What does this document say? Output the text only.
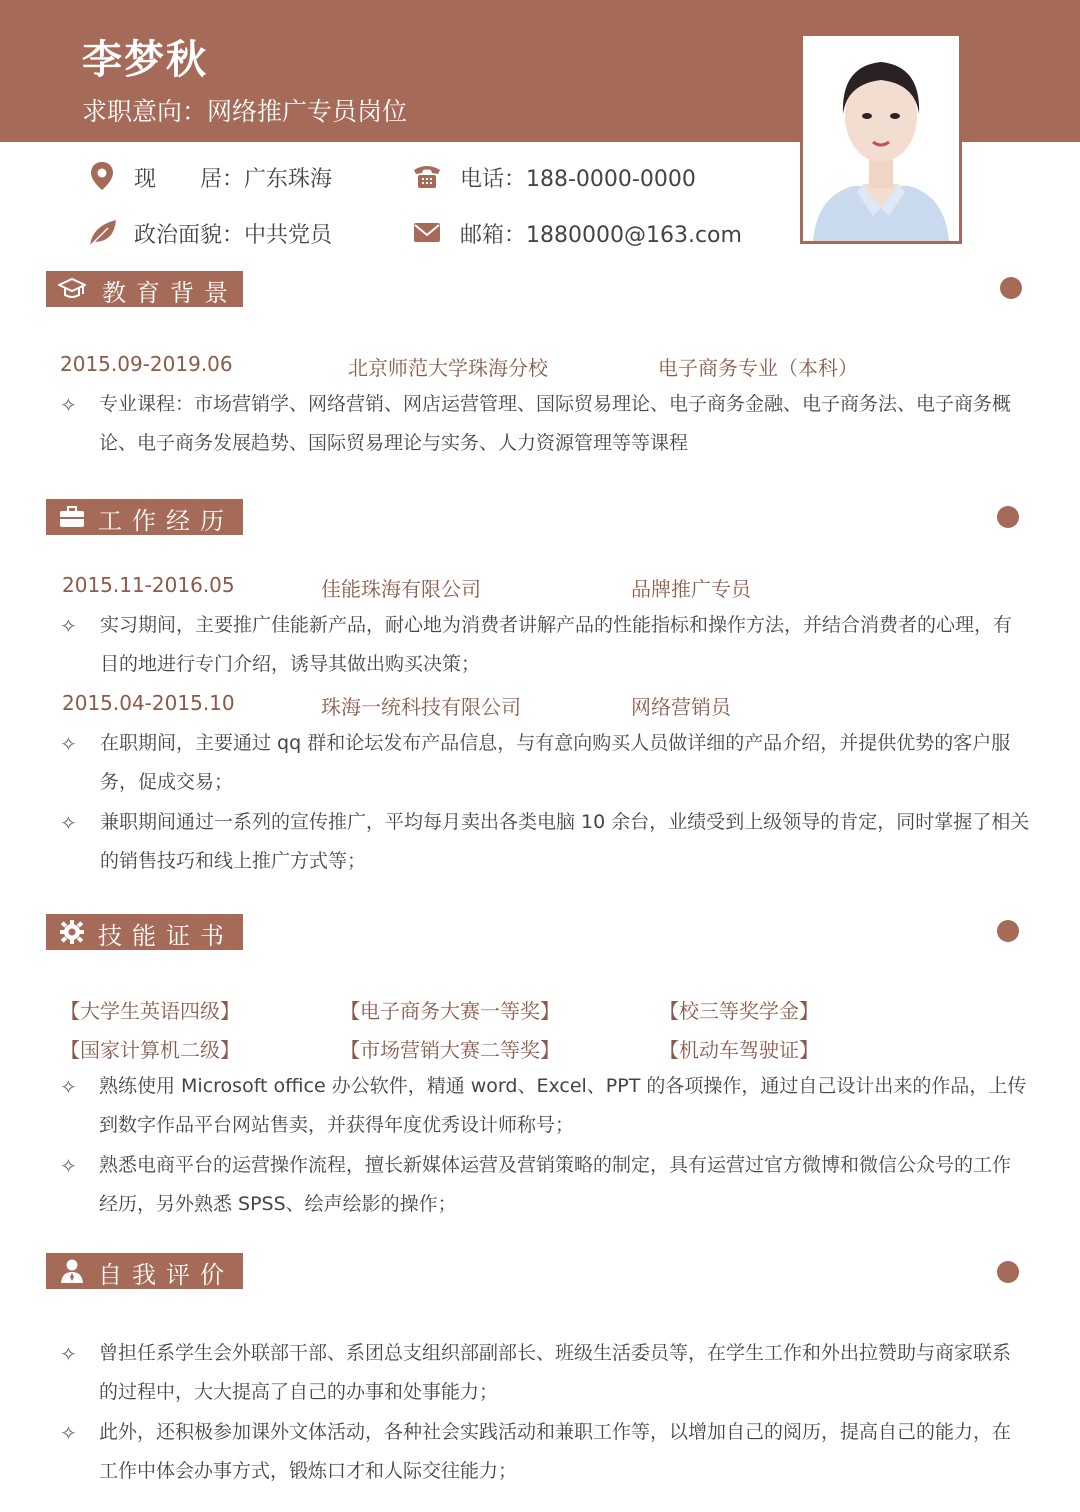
李梦秋
求职意向：网络推广专员岗位
现　　居：广东珠海	电话：188-0000-0000
政治面貌：中共党员	邮箱：1880000@163.com
教育背景
2015.09-2019.06	北京师范大学珠海分校	电子商务专业（本科）
✧ 专业课程：市场营销学、网络营销、网店运营管理、国际贸易理论、电子商务金融、电子商务法、电子商务概论、电子商务发展趋势、国际贸易理论与实务、人力资源管理等等课程
工作经历
2015.11-2016.05	佳能珠海有限公司	品牌推广专员
✧ 实习期间，主要推广佳能新产品，耐心地为消费者讲解产品的性能指标和操作方法，并结合消费者的心理，有目的地进行专门介绍，诱导其做出购买决策；
2015.04-2015.10	珠海一统科技有限公司	网络营销员
✧ 在职期间，主要通过 qq 群和论坛发布产品信息，与有意向购买人员做详细的产品介绍，并提供优势的客户服务，促成交易；
✧ 兼职期间通过一系列的宣传推广，平均每月卖出各类电脑 10 余台，业绩受到上级领导的肯定，同时掌握了相关的销售技巧和线上推广方式等；
技能证书
【大学生英语四级】	【电子商务大赛一等奖】	【校三等奖学金】
【国家计算机二级】	【市场营销大赛二等奖】	【机动车驾驶证】
✧ 熟练使用 Microsoft office 办公软件，精通 word、Excel、PPT 的各项操作，通过自己设计出来的作品，上传到数字作品平台网站售卖，并获得年度优秀设计师称号；
✧ 熟悉电商平台的运营操作流程，擅长新媒体运营及营销策略的制定，具有运营过官方微博和微信公众号的工作经历，另外熟悉 SPSS、绘声绘影的操作；
自我评价
✧ 曾担任系学生会外联部干部、系团总支组织部副部长、班级生活委员等，在学生工作和外出拉赞助与商家联系的过程中，大大提高了自己的办事和处事能力；
✧ 此外，还积极参加课外文体活动，各种社会实践活动和兼职工作等，以增加自己的阅历，提高自己的能力，在工作中体会办事方式，锻炼口才和人际交往能力；
